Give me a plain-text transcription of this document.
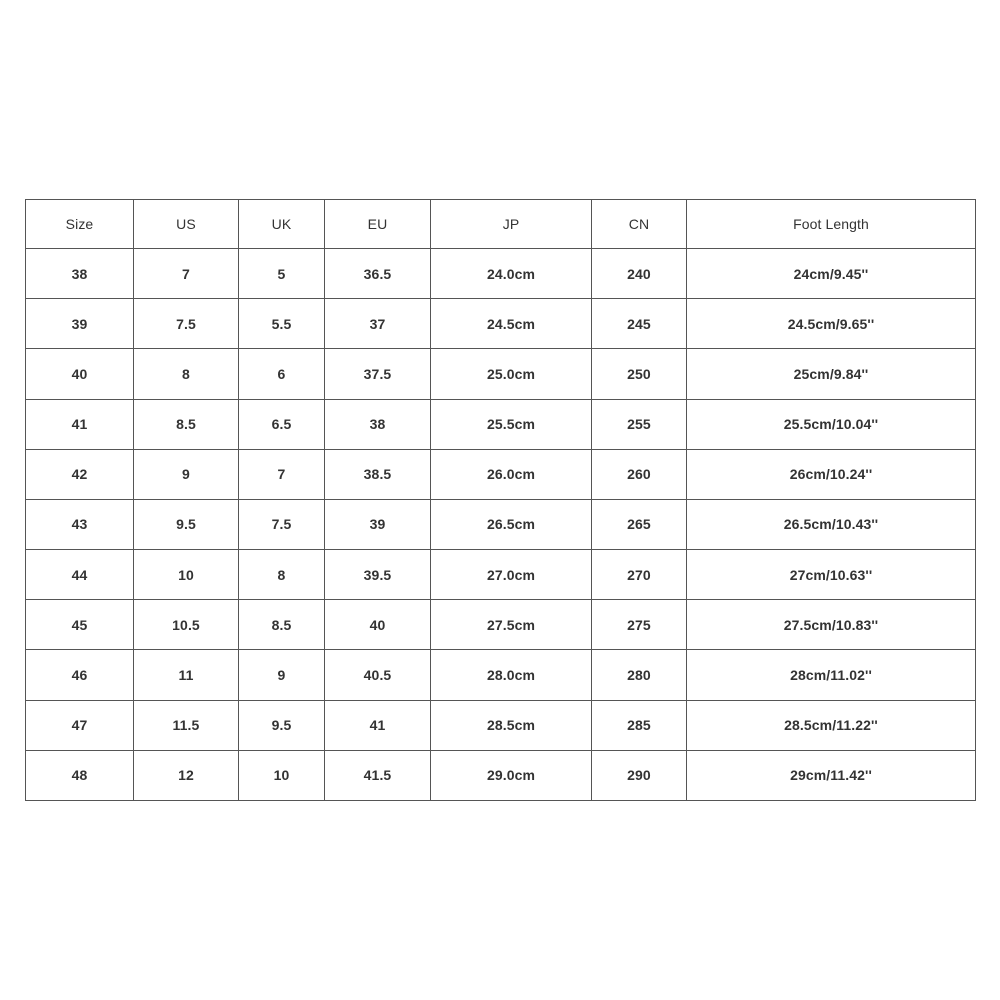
Size	US	UK	EU	JP	CN	Foot Length
38	7	5	36.5	24.0cm	240	24cm/9.45''
39	7.5	5.5	37	24.5cm	245	24.5cm/9.65''
40	8	6	37.5	25.0cm	250	25cm/9.84''
41	8.5	6.5	38	25.5cm	255	25.5cm/10.04''
42	9	7	38.5	26.0cm	260	26cm/10.24''
43	9.5	7.5	39	26.5cm	265	26.5cm/10.43''
44	10	8	39.5	27.0cm	270	27cm/10.63''
45	10.5	8.5	40	27.5cm	275	27.5cm/10.83''
46	11	9	40.5	28.0cm	280	28cm/11.02''
47	11.5	9.5	41	28.5cm	285	28.5cm/11.22''
48	12	10	41.5	29.0cm	290	29cm/11.42''
